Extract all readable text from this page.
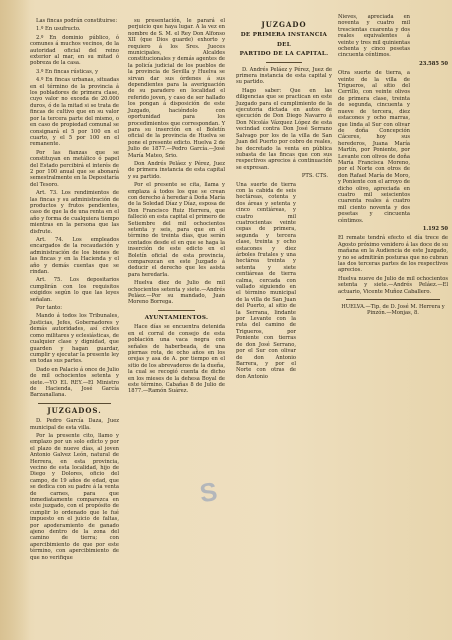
Las fincas podrán constituirse:

1.º En usufructo.

2.º En dominio público, ó comunes á muchos vecinos, de la autoridad oficial del reino exterior al mar, en su mitad ó pobreza de la casa.

3.º En fincas rústicas, y

4.º En fincas urbanas, situadas en el término de la provincia á los pobladores de primera clase, cuyo valor no exceda de 20.000 duros, ó de la mitad si se trata de fincas de cultivo que en su valor por la tercera parte del mismo, o en caso de propiedad comunal se consignará el 5 por 100 en el cuarto, y el 5 por 100 en el remanente.

Por las fianzas que se constituyan en metálico ó papel del Estado percibirá el interés de 2 por 100 anual que se abonará semestralmente en la Depositaría del Tesoro.

Art. 73. Los rendimientos de las fincas y su administración de productos y frutos pendientes, caso de que la de una renta en el año y forma de cualquiera tiempo mientras en la persona que las disfrute.

Art. 74. Los empleados encargados de la recaudación y administración de los bienes de las fincas y en la Hacienda y el año y demás cuentas que se rindan.

Art. 75. Los depositarios cumplirán con los requisitos exigidos según lo que las leyes señalan.

Por tanto:

Mando á todos los Tribunales, Justicias, Jefes, Gobernadores y demás autoridades, así civiles como militares y eclesiásticas, de cualquier clase y dignidad, que guarden y hagan guardar, cumplir y ejecutar la presente ley en todas sus partes.

Dado en Palacio á once de Julio de mil ochocientos setenta y siete.—YO EL REY.—El Ministro de Hacienda, José García Barzanallana.

JUZGADOS.

D. Pedro García Daza, Juez municipal de esta villa.

Por la presente cito, llamo y emplazo por un solo edicto y por el plazo de nueve días, al joven Antonio Galvez León, natural de Herrera, en esta provincia, vecino de esta localidad, hijo de Diego y Dolores, oficio del campo, de 19 años de edad, que se dedica con su padre á la venta de carnes, para que inmediatamente comparezca en este juzgado, con el propósito de cumplir lo ordenado que le fué impuesto en el juicio de faltas, por apoderamiento de ganado ajeno dentro de la zona del camino de tierra; con apercibimiento de que por este término, con apercibimiento de que no verifique

su presentación, le parará el perjuicio que haya lugar. A la vez en nombre de S. M. el Rey Don Alfonso XII (que Dios guarde) exhorto y requiero á los Sres. Jueces municipales, Alcaldes constitucionales y demás agentes de la policía judicial de los pueblos de la provincia de Sevilla y Huelva se sirvan dar sus órdenes á sus dependientes para la averiguación de su paradero en localidad el referido joven, y caso de ser hallado los pongan á disposición de este Juzgado, haciéndolo con oportunidad para los procedimientos que correspondan. Y para su inserción en el Boletín oficial de la provincia de Huelva se pone el presente edicto. Huelva 2 de Julio de 1877.—Pedro García.—José María Mateo, Srio.

Don Andrés Peláez y Pérez, Juez de primera instancia de esta capital y su partido.

Por el presente se cita, llama y emplaza á todos los que se crean con derecho á heredar á Doña María de la Soledad Díaz y Díaz, esposa de Don Francisco Ruiz Herrera, que falleció en esta capital el primero de Setiembre del mil ochocientos setenta y seis, para que en el término de treinta días, que serán contados desde el en que se haga la inserción de este edicto en el Boletín oficial de esta provincia, comparezcan en este Juzgado á deducir el derecho que les asista para heredarla.

Huelva diez de Julio de mil ochocientos setenta y siete.—Andrés Peláez.—Por su mandado, Juan Moreno Borrega.

AYUNTAMIENTOS.

Hace días se encuentra detenida en el corral de consejo de esta población una vaca negra con señales de haberbeada, de una piernas rota, de ocho años en los orejas y asa de A. por tiempo en el sitio de los abrevaderos de la dueña, la cual se recogió cuenta de dicho en los mieses de la dehesa Boyal de este término. Cabañas 8 de Julio de 1877.—Ramón Suárez.

JUZGADO
DE PRIMERA INSTANCIA
DEL
PARTIDO DE LA CAPITAL.

D. Andrés Peláez y Pérez, Juez de primera instancia de esta capital y su partido.

Hago saber: Que en las diligencias que se practican en este Juzgado para el cumplimiento de la ejecutoria dictada en autos de ejecución de Don Diego Navarro á Don Nicolás Vázquez López de esta vecindad contra Don José Serrano Salvago por los de la villa de San Juan del Puerto por cobro de reales, he decretado la venta en pública subasta de las fincas que con sus respectivos aprecios á continuación se expresan.

PTS. CTS.

Una suerte de tierra con la cabida de seis hectáreas, cotenta y dos áreas y setenta y cinco centiáreas, y cuatro mil cuatrocientas veinte cepas de primera, segunda y tercera clase, treinta y ocho estacones y diez árboles frutales y una hectárea treinta y setenta y siete centiáreas de tierra calma, cercada con vallado siguiendo en el término municipal de la villa de San Juan del Puerto, al sitio de la Serrana, lindante por Levante con la ruta del camino de Trigueros, por Poniente con tierras de don José Serrano, por el Sur con olivar de don Antonio Barrera, y por el Norte con otras de don Antonio

Nieves, apreciada en noventa y cuatro mil trescientas cuarenta y dos reales equivalentes á veinte y tres mil quinientas ochenta y cinco pesetas cincuenta céntimos.

23.585 50

Otra suerte de tierra, a veinte de la villa de Trigueros, al sitio del Cerrillo, con veinte olivos de primera clase, treinta de segunda, cincuenta y nueve de tercera, diez estacones y ocho marras, que linda al Sur con olivar de doña Concepción Cáceres, hoy sus herederos, Juana María Martín, por Poniente, por Levante con olivos de doña María Francisca Moreno, por el Norte con otros de don Rafael María de Moro, y Poniente con el arroyo de dicho olivo, apreciada en cuatro mil seiscientos cuarenta reales á cuatro mil ciento noventa y dos pesetas y cincuenta céntimos.

1.192 50

El remate tendrá efecto el día trece de Agosto próximo venidero á las doce de su mañana en la Audiencia de este Juzgado, y no se admitirán posturas que no cubran las dos terceras partes de los respectivos aprecios.

Huelva nueve de Julio de mil ochocientos setenta y siete.—Andrés Peláez.—El actuario, Vicente Muñoz Caballero.

HUELVA.—Tip. de D. José M. Herrera y Pinzón.—Monjas, 8.
S
